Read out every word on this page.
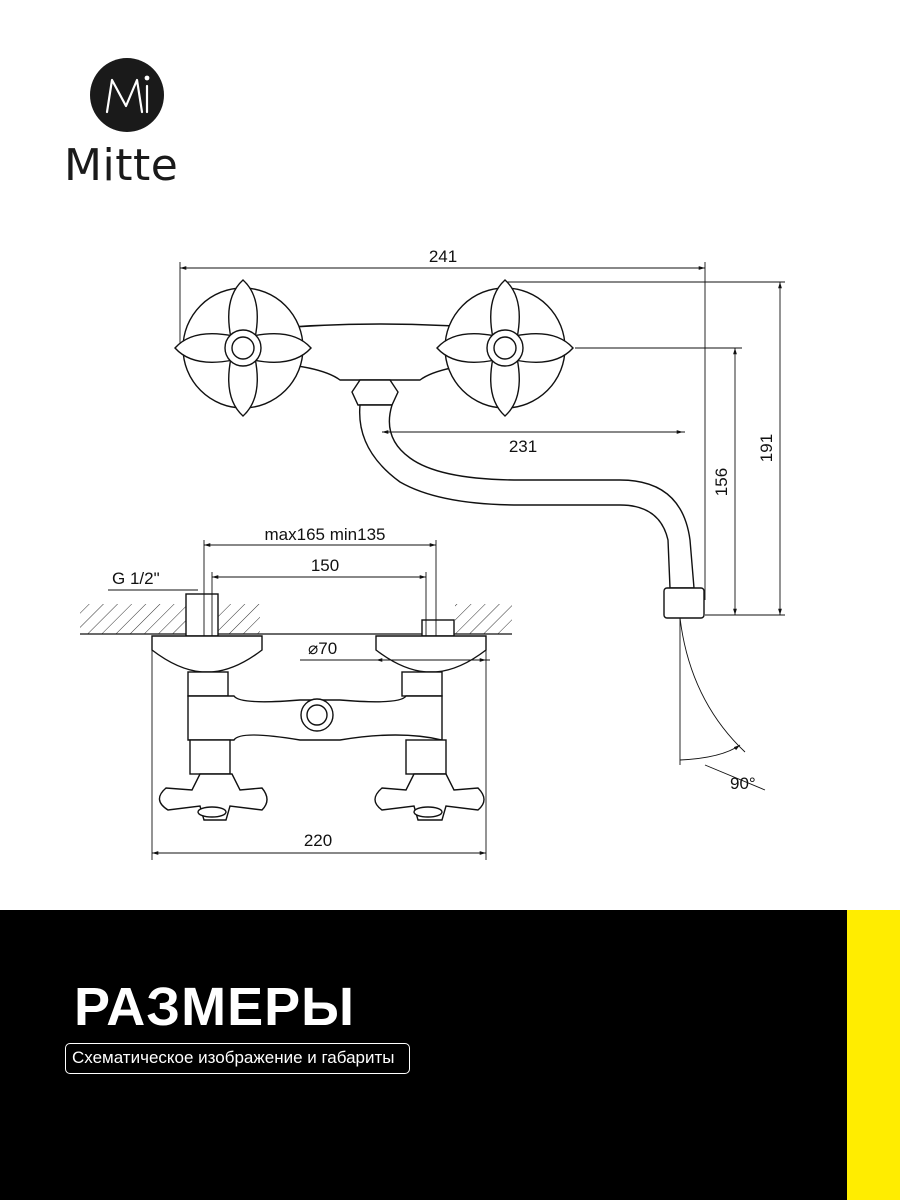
Mitte
241
231
156
191
max165 min135
150
G 1/2"
⌀70
220
90°
РАЗМЕРЫ
Схематическое изображение и габариты
